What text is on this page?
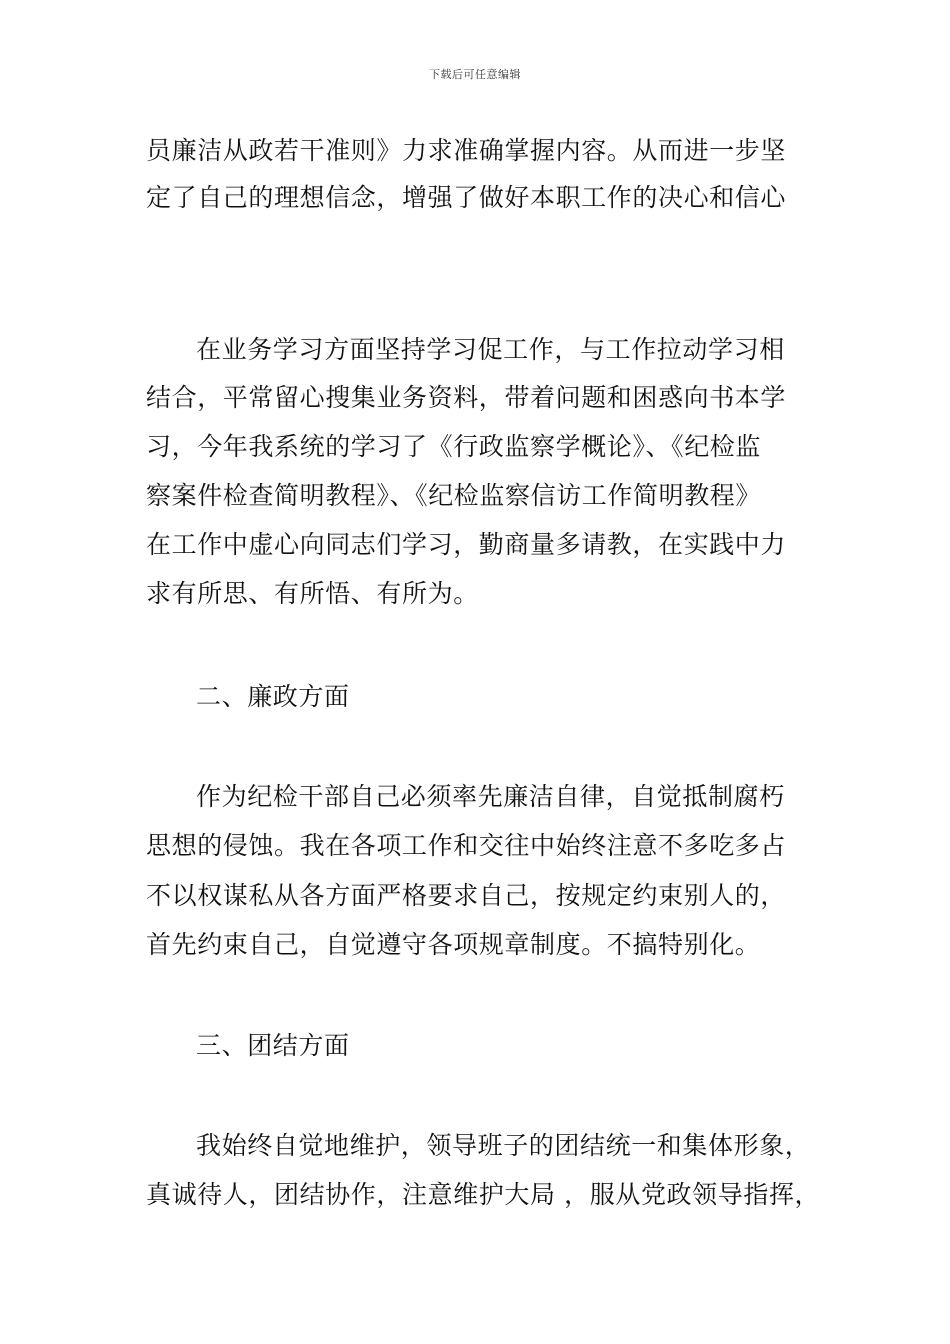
下载后可任意编辑
员廉洁从政若干准则》力求准确掌握内容。从而进一步坚
定了自己的理想信念，增强了做好本职工作的决心和信心
在业务学习方面坚持学习促工作，与工作拉动学习相
结合，平常留心搜集业务资料，带着问题和困惑向书本学
习，今年我系统的学习了《行政监察学概论》、《纪检监
察案件检查简明教程》、《纪检监察信访工作简明教程》
在工作中虚心向同志们学习，勤商量多请教，在实践中力
求有所思、有所悟、有所为。
二、廉政方面
作为纪检干部自己必须率先廉洁自律，自觉抵制腐朽
思想的侵蚀。我在各项工作和交往中始终注意不多吃多占
不以权谋私从各方面严格要求自己，按规定约束别人的，
首先约束自己，自觉遵守各项规章制度。不搞特别化。
三、团结方面
我始终自觉地维护，领导班子的团结统一和集体形象，
真诚待人，团结协作，注意维护大局 ，服从党政领导指挥，
